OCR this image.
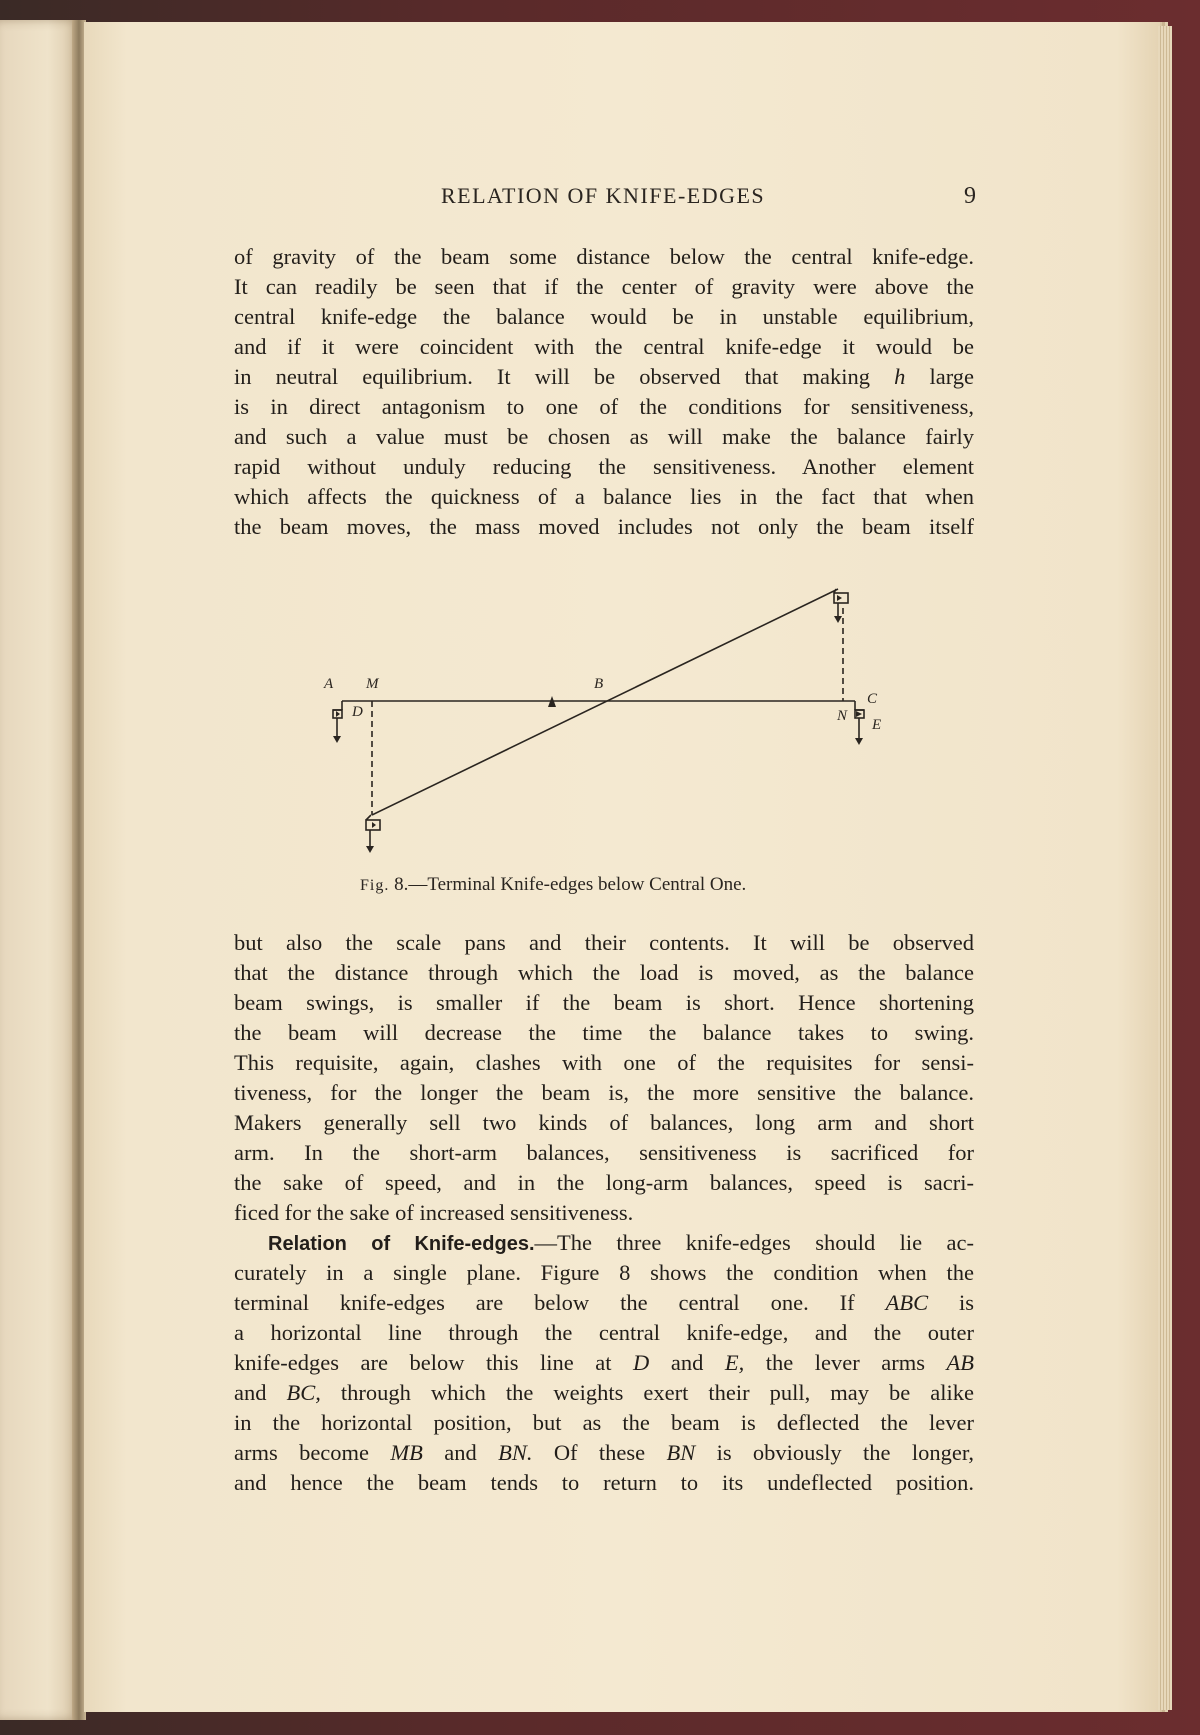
RELATION OF KNIFE-EDGES	9
of gravity of the beam some distance below the central knife-edge.
It can readily be seen that if the center of gravity were above the
central knife-edge the balance would be in unstable equilibrium,
and if it were coincident with the central knife-edge it would be
in neutral equilibrium. It will be observed that making h large
is in direct antagonism to one of the conditions for sensitiveness,
and such a value must be chosen as will make the balance fairly
rapid without unduly reducing the sensitiveness. Another element
which affects the quickness of a balance lies in the fact that when
the beam moves, the mass moved includes not only the beam itself
A M	B
C
D
E
N
Fig. 8.—Terminal Knife-edges below Central One.
but also the scale pans and their contents. It will be observed
that the distance through which the load is moved, as the balance
beam swings, is smaller if the beam is short. Hence shortening
the beam will decrease the time the balance takes to swing.
This requisite, again, clashes with one of the requisites for sensi-
tiveness, for the longer the beam is, the more sensitive the balance.
Makers generally sell two kinds of balances, long arm and short
arm. In the short-arm balances, sensitiveness is sacrificed for
the sake of speed, and in the long-arm balances, speed is sacri-
ficed for the sake of increased sensitiveness.
Relation of Knife-edges.—The three knife-edges should lie ac-
curately in a single plane. Figure 8 shows the condition when the
terminal knife-edges are below the central one. If ABC is
a horizontal line through the central knife-edge, and the outer
knife-edges are below this line at D and E, the lever arms AB
and BC, through which the weights exert their pull, may be alike
in the horizontal position, but as the beam is deflected the lever
arms become MB and BN. Of these BN is obviously the longer,
and hence the beam tends to return to its undeflected position.
